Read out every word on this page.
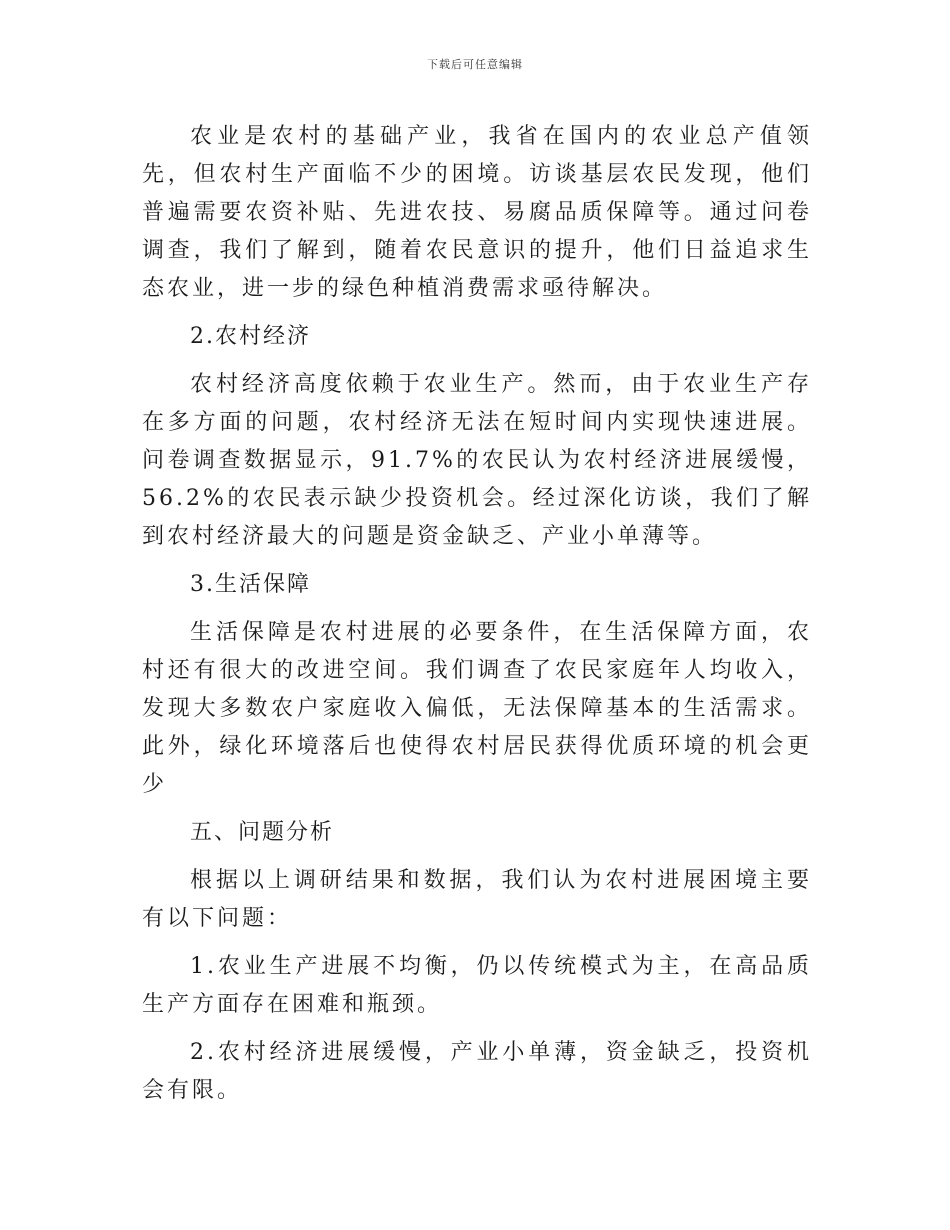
下载后可任意编辑

农业是农村的基础产业，我省在国内的农业总产值领先，但农村生产面临不少的困境。访谈基层农民发现，他们普遍需要农资补贴、先进农技、易腐品质保障等。通过问卷调查，我们了解到，随着农民意识的提升，他们日益追求生态农业，进一步的绿色种植消费需求亟待解决。

2.农村经济

农村经济高度依赖于农业生产。然而，由于农业生产存在多方面的问题，农村经济无法在短时间内实现快速进展。问卷调查数据显示，91.7%的农民认为农村经济进展缓慢，56.2%的农民表示缺少投资机会。经过深化访谈，我们了解到农村经济最大的问题是资金缺乏、产业小单薄等。

3.生活保障

生活保障是农村进展的必要条件，在生活保障方面，农村还有很大的改进空间。我们调查了农民家庭年人均收入，发现大多数农户家庭收入偏低，无法保障基本的生活需求。此外，绿化环境落后也使得农村居民获得优质环境的机会更少

五、问题分析

根据以上调研结果和数据，我们认为农村进展困境主要有以下问题：

1.农业生产进展不均衡，仍以传统模式为主，在高品质生产方面存在困难和瓶颈。

2.农村经济进展缓慢，产业小单薄，资金缺乏，投资机会有限。
